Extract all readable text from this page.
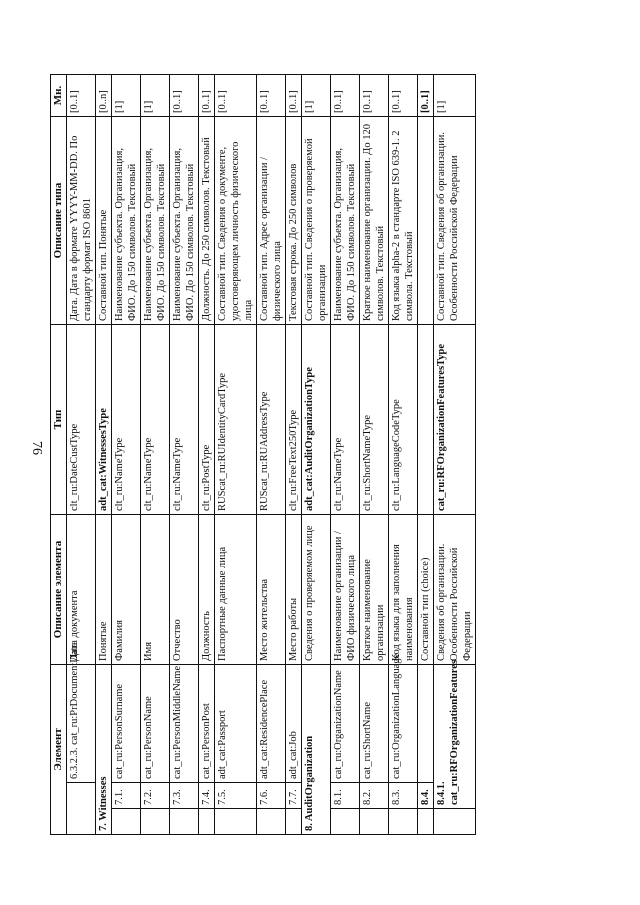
76
Элемент			Описание элемента	Тип	Описание типа	Мн.
		6.3.2.3. cat_ru:PrDocumentDate	Дата документа	clt_ru:DateCustType	Дата. Дата в формате YYYY-MM-DD. По стандарту формат ISO 8601	[0..1]
7. Witnesses			Понятые	adt_cat:WitnessesType	Составной тип. Понятые	[0..n]
	7.1.	cat_ru:PersonSurname	Фамилия	clt_ru:NameType	Наименование субъекта. Организация, ФИО. До 150 символов. Текстовый	[1]
	7.2.	cat_ru:PersonName	Имя	clt_ru:NameType	Наименование субъекта. Организация, ФИО. До 150 символов. Текстовый	[1]
	7.3.	cat_ru:PersonMiddleName	Отчество	clt_ru:NameType	Наименование субъекта. Организация, ФИО. До 150 символов. Текстовый	[0..1]
	7.4.	cat_ru:PersonPost	Должность	clt_ru:PostType	Должность. До 250 символов. Текстовый	[0..1]
	7.5.	adt_cat:Passport	Паспортные данные лица	RUScat_ru:RUIdentityCardType	Составной тип. Сведения о документе, удостоверяющем личность физического лица	[0..1]
	7.6.	adt_cat:ResidencePlace	Место жительства	RUScat_ru:RUAddressType	Составной тип. Адрес организации / физического лица	[0..1]
	7.7.	adt_cat:Job	Место работы	clt_ru:FreeText250Type	Текстовая строка. До 250 символов	[0..1]
8. AuditOrganization			Сведения о проверяемом лице	adt_cat:AuditOrganizationType	Составной тип. Сведения о проверяемой организации	[1]
	8.1.	cat_ru:OrganizationName	Наименование организации / ФИО физического лица	clt_ru:NameType	Наименование субъекта. Организация, ФИО. До 150 символов. Текстовый	[0..1]
	8.2.	cat_ru:ShortName	Краткое наименование организации	clt_ru:ShortNameType	Краткое наименование организации. До 120 символов. Текстовый	[0..1]
	8.3.	cat_ru:OrganizationLanguage	Код языка для заполнения наименования	clt_ru:LanguageCodeType	Код языка alpha-2 в стандарте ISO 639-1. 2 символа. Текстовый	[0..1]
	8.4.		Составной тип (choice)			[0..1]
	8.4.1. cat_ru:RFOrganizationFeatures		Сведения об организации. Особенности Российской Федерации	cat_ru:RFOrganizationFeaturesType	Составной тип. Сведения об организации. Особенности Российской Федерации	[1]
